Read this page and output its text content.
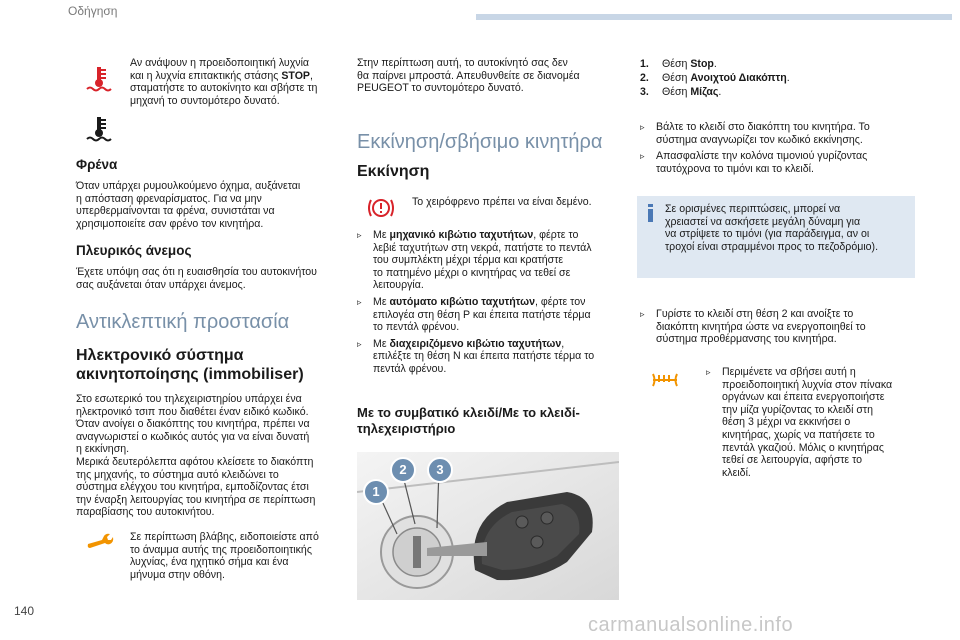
Οδήγηση
Αν ανάψουν η προειδοποιητική λυχνία
και η λυχνία επιτακτικής στάσης STOP,
σταματήστε το αυτοκίνητο και σβήστε τη
μηχανή το συντομότερο δυνατό.
Φρένα
Όταν υπάρχει ρυμουλκούμενο όχημα, αυξάνεται
η απόσταση φρεναρίσματος. Για να μην
υπερθερμαίνονται τα φρένα, συνιστάται να
χρησιμοποιείτε σαν φρένο τον κινητήρα.
Πλευρικός άνεμος
Έχετε υπόψη σας ότι η ευαισθησία του αυτοκινήτου
σας αυξάνεται όταν υπάρχει άνεμος.
Αντικλεπτική προστασία
Ηλεκτρονικό σύστημα
ακινητοποίησης (immobiliser)
Στο εσωτερικό του τηλεχειριστηρίου υπάρχει ένα
ηλεκτρονικό τσιπ που διαθέτει έναν ειδικό κωδικό.
Όταν ανοίγει ο διακόπτης του κινητήρα, πρέπει να
αναγνωριστεί ο κωδικός αυτός για να είναι δυνατή
η εκκίνηση.
Μερικά δευτερόλεπτα αφότου κλείσετε το διακόπτη
της μηχανής, το σύστημα αυτό κλειδώνει το
σύστημα ελέγχου του κινητήρα, εμποδίζοντας έτσι
την έναρξη λειτουργίας του κινητήρα σε περίπτωση
παραβίασης του αυτοκινήτου.
Σε περίπτωση βλάβης, ειδοποιείστε από
το άναμμα αυτής της προειδοποιητικής
λυχνίας, ένα ηχητικό σήμα και ένα
μήνυμα στην οθόνη.
Στην περίπτωση αυτή, το αυτοκίνητό σας δεν
θα παίρνει μπροστά. Απευθυνθείτε σε διανομέα
PEUGEOT το συντομότερο δυνατό.
Εκκίνηση/σβήσιμο κινητήρα
Εκκίνηση
Το χειρόφρενο πρέπει να είναι δεμένο.
▹ Με μηχανικό κιβώτιο ταχυτήτων, φέρτε το
λεβιέ ταχυτήτων στη νεκρά, πατήστε το πεντάλ
του συμπλέκτη μέχρι τέρμα και κρατήστε
το πατημένο μέχρι ο κινητήρας να τεθεί σε
λειτουργία.
▹ Με αυτόματο κιβώτιο ταχυτήτων, φέρτε τον
επιλογέα στη θέση P και έπειτα πατήστε τέρμα
το πεντάλ φρένου.
▹ Με διαχειριζόμενο κιβώτιο ταχυτήτων,
επιλέξτε τη θέση N και έπειτα πατήστε τέρμα το
πεντάλ φρένου.
Με το συμβατικό κλειδί/Με το κλειδί-
τηλεχειριστήριο
1
2	3
1. Θέση Stop.
2. Θέση Ανοιχτού Διακόπτη.
3. Θέση Μίζας.
▹ Βάλτε το κλειδί στο διακόπτη του κινητήρα. Το
σύστημα αναγνωρίζει τον κωδικό εκκίνησης.
▹ Απασφαλίστε την κολόνα τιμονιού γυρίζοντας
ταυτόχρονα το τιμόνι και το κλειδί.
Σε ορισμένες περιπτώσεις, μπορεί να
χρειαστεί να ασκήσετε μεγάλη δύναμη για
να στρίψετε το τιμόνι (για παράδειγμα, αν οι
τροχοί είναι στραμμένοι προς το πεζοδρόμιο).
▹ Γυρίστε το κλειδί στη θέση 2 και ανοίξτε το
διακόπτη κινητήρα ώστε να ενεργοποιηθεί το
σύστημα προθέρμανσης του κινητήρα.
▹ Περιμένετε να σβήσει αυτή η
προειδοποιητική λυχνία στον πίνακα
οργάνων και έπειτα ενεργοποιήστε
την μίζα γυρίζοντας το κλειδί στη
θέση 3 μέχρι να εκκινήσει ο
κινητήρας, χωρίς να πατήσετε το
πεντάλ γκαζιού. Μόλις ο κινητήρας
τεθεί σε λειτουργία, αφήστε το
κλειδί.
140
carmanualsonline.info
